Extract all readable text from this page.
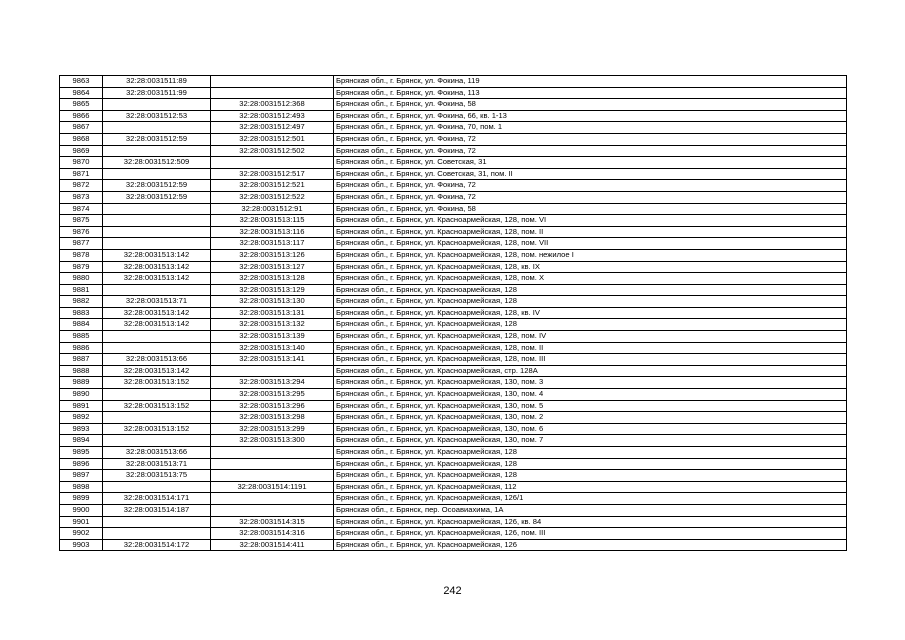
9863	32:28:0031511:89		Брянская обл., г. Брянск, ул. Фокина, 119
9864	32:28:0031511:99		Брянская обл., г. Брянск, ул. Фокина, 113
9865		32:28:0031512:368	Брянская обл., г. Брянск, ул. Фокина, 58
9866	32:28:0031512:53	32:28:0031512:493	Брянская обл., г. Брянск, ул. Фокина, 66, кв. 1-13
9867		32:28:0031512:497	Брянская обл., г. Брянск, ул. Фокина, 70, пом. 1
9868	32:28:0031512:59	32:28:0031512:501	Брянская обл., г. Брянск, ул. Фокина, 72
9869		32:28:0031512:502	Брянская обл., г. Брянск, ул. Фокина, 72
9870	32:28:0031512:509		Брянская обл., г. Брянск, ул. Советская, 31
9871		32:28:0031512:517	Брянская обл., г. Брянск, ул. Советская, 31, пом. II
9872	32:28:0031512:59	32:28:0031512:521	Брянская обл., г. Брянск, ул. Фокина, 72
9873	32:28:0031512:59	32:28:0031512:522	Брянская обл., г. Брянск, ул. Фокина, 72
9874		32:28:0031512:91	Брянская обл., г. Брянск, ул. Фокина, 58
9875		32:28:0031513:115	Брянская обл., г. Брянск, ул. Красноармейская, 128, пом. VI
9876		32:28:0031513:116	Брянская обл., г. Брянск, ул. Красноармейская, 128, пом. II
9877		32:28:0031513:117	Брянская обл., г. Брянск, ул. Красноармейская, 128, пом. VII
9878	32:28:0031513:142	32:28:0031513:126	Брянская обл., г. Брянск, ул. Красноармейская, 128, пом. нежилое I
9879	32:28:0031513:142	32:28:0031513:127	Брянская обл., г. Брянск, ул. Красноармейская, 128, кв. IX
9880	32:28:0031513:142	32:28:0031513:128	Брянская обл., г. Брянск, ул. Красноармейская, 128, пом. X
9881		32:28:0031513:129	Брянская обл., г. Брянск, ул. Красноармейская, 128
9882	32:28:0031513:71	32:28:0031513:130	Брянская обл., г. Брянск, ул. Красноармейская, 128
9883	32:28:0031513:142	32:28:0031513:131	Брянская обл., г. Брянск, ул. Красноармейская, 128, кв. IV
9884	32:28:0031513:142	32:28:0031513:132	Брянская обл., г. Брянск, ул. Красноармейская, 128
9885		32:28:0031513:139	Брянская обл., г. Брянск, ул. Красноармейская, 128, пом. IV
9886		32:28:0031513:140	Брянская обл., г. Брянск, ул. Красноармейская, 128, пом. II
9887	32:28:0031513:66	32:28:0031513:141	Брянская обл., г. Брянск, ул. Красноармейская, 128, пом. III
9888	32:28:0031513:142		Брянская обл., г. Брянск, ул. Красноармейская, стр. 128А
9889	32:28:0031513:152	32:28:0031513:294	Брянская обл., г. Брянск, ул. Красноармейская, 130, пом. 3
9890		32:28:0031513:295	Брянская обл., г. Брянск, ул. Красноармейская, 130, пом. 4
9891	32:28:0031513:152	32:28:0031513:296	Брянская обл., г. Брянск, ул. Красноармейская, 130, пом. 5
9892		32:28:0031513:298	Брянская обл., г. Брянск, ул. Красноармейская, 130, пом. 2
9893	32:28:0031513:152	32:28:0031513:299	Брянская обл., г. Брянск, ул. Красноармейская, 130, пом. 6
9894		32:28:0031513:300	Брянская обл., г. Брянск, ул. Красноармейская, 130, пом. 7
9895	32:28:0031513:66		Брянская обл., г. Брянск, ул. Красноармейская, 128
9896	32:28:0031513:71		Брянская обл., г. Брянск, ул. Красноармейская, 128
9897	32:28:0031513:75		Брянская обл., г. Брянск, ул. Красноармейская, 128
9898		32:28:0031514:1191	Брянская обл., г. Брянск, ул. Красноармейская, 112
9899	32:28:0031514:171		Брянская обл., г. Брянск, ул. Красноармейская, 126/1
9900	32:28:0031514:187		Брянская обл., г. Брянск, пер. Осоавиахима, 1А
9901		32:28:0031514:315	Брянская обл., г. Брянск, ул. Красноармейская, 126, кв. 84
9902		32:28:0031514:316	Брянская обл., г. Брянск, ул. Красноармейская, 126, пом. III
9903	32:28:0031514:172	32:28:0031514:411	Брянская обл., г. Брянск, ул. Красноармейская, 126
242
